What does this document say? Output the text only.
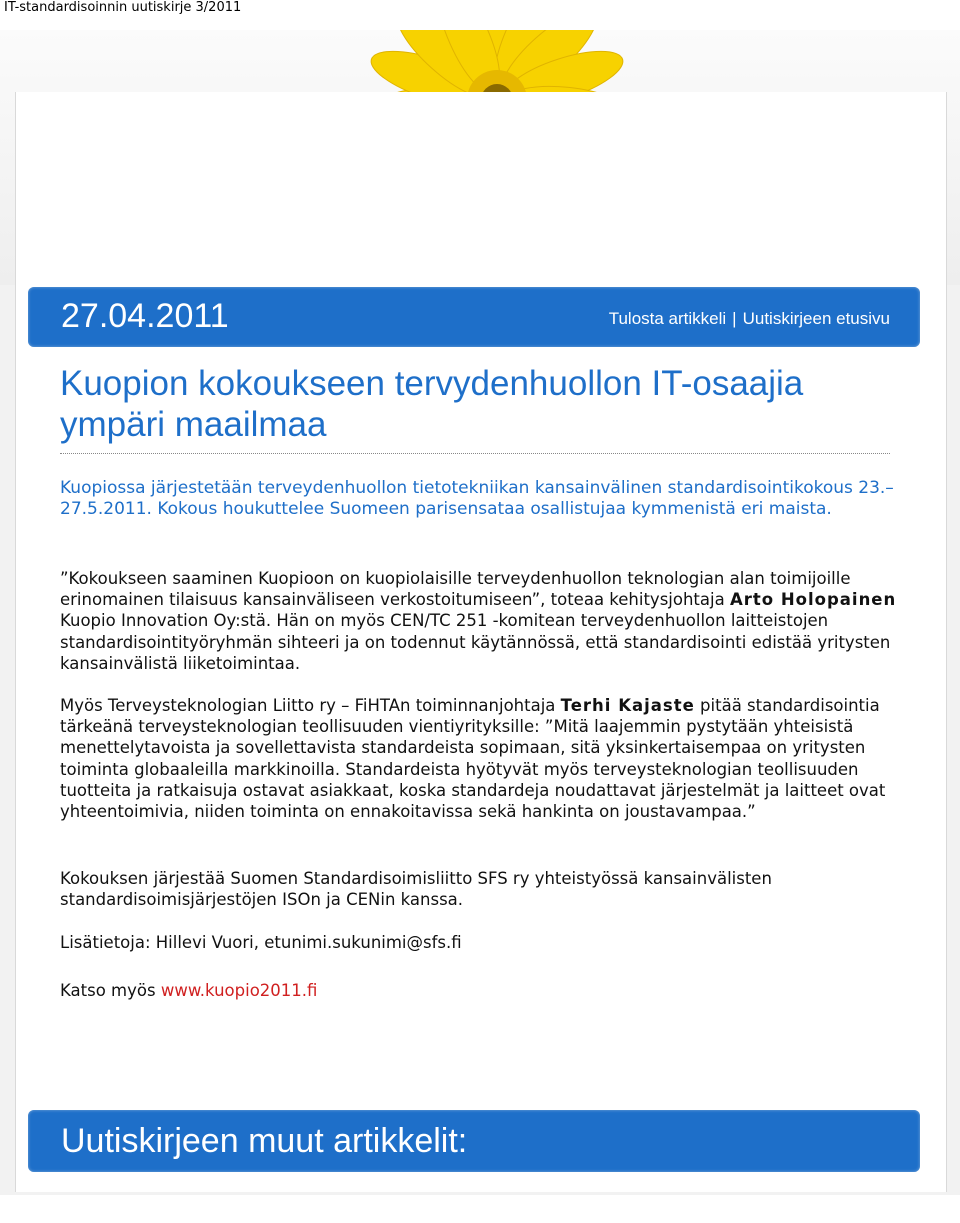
IT-standardisoinnin uutiskirje 3/2011
27.04.2011	Tulosta artikkeli | Uutiskirjeen etusivu
Kuopion kokoukseen tervydenhuollon IT-osaajia ympäri maailmaa

Kuopiossa järjestetään terveydenhuollon tietotekniikan kansainvälinen standardisointikokous 23.–27.5.2011. Kokous houkuttelee Suomeen parisensataa osallistujaa kymmenistä eri maista.

”Kokoukseen saaminen Kuopioon on kuopiolaisille terveydenhuollon teknologian alan toimijoille erinomainen tilaisuus kansainväliseen verkostoitumiseen”, toteaa kehitysjohtaja Arto Holopainen Kuopio Innovation Oy:stä. Hän on myös CEN/TC 251 -komitean terveydenhuollon laitteistojen standardisointityöryhmän sihteeri ja on todennut käytännössä, että standardisointi edistää yritysten kansainvälistä liiketoimintaa.

Myös Terveysteknologian Liitto ry – FiHTAn toiminnanjohtaja Terhi Kajaste pitää standardisointia tärkeänä terveysteknologian teollisuuden vientiyrityksille: ”Mitä laajemmin pystytään yhteisistä menettelytavoista ja sovellettavista standardeista sopimaan, sitä yksinkertaisempaa on yritysten toiminta globaaleilla markkinoilla. Standardeista hyötyvät myös terveysteknologian teollisuuden tuotteita ja ratkaisuja ostavat asiakkaat, koska standardeja noudattavat järjestelmät ja laitteet ovat yhteentoimivia, niiden toiminta on ennakoitavissa sekä hankinta on joustavampaa.”

Kokouksen järjestää Suomen Standardisoimisliitto SFS ry yhteistyössä kansainvälisten standardisoimisjärjestöjen ISOn ja CENin kanssa.

Lisätietoja: Hillevi Vuori, etunimi.sukunimi@sfs.fi

Katso myös www.kuopio2011.fi

Uutiskirjeen muut artikkelit:
